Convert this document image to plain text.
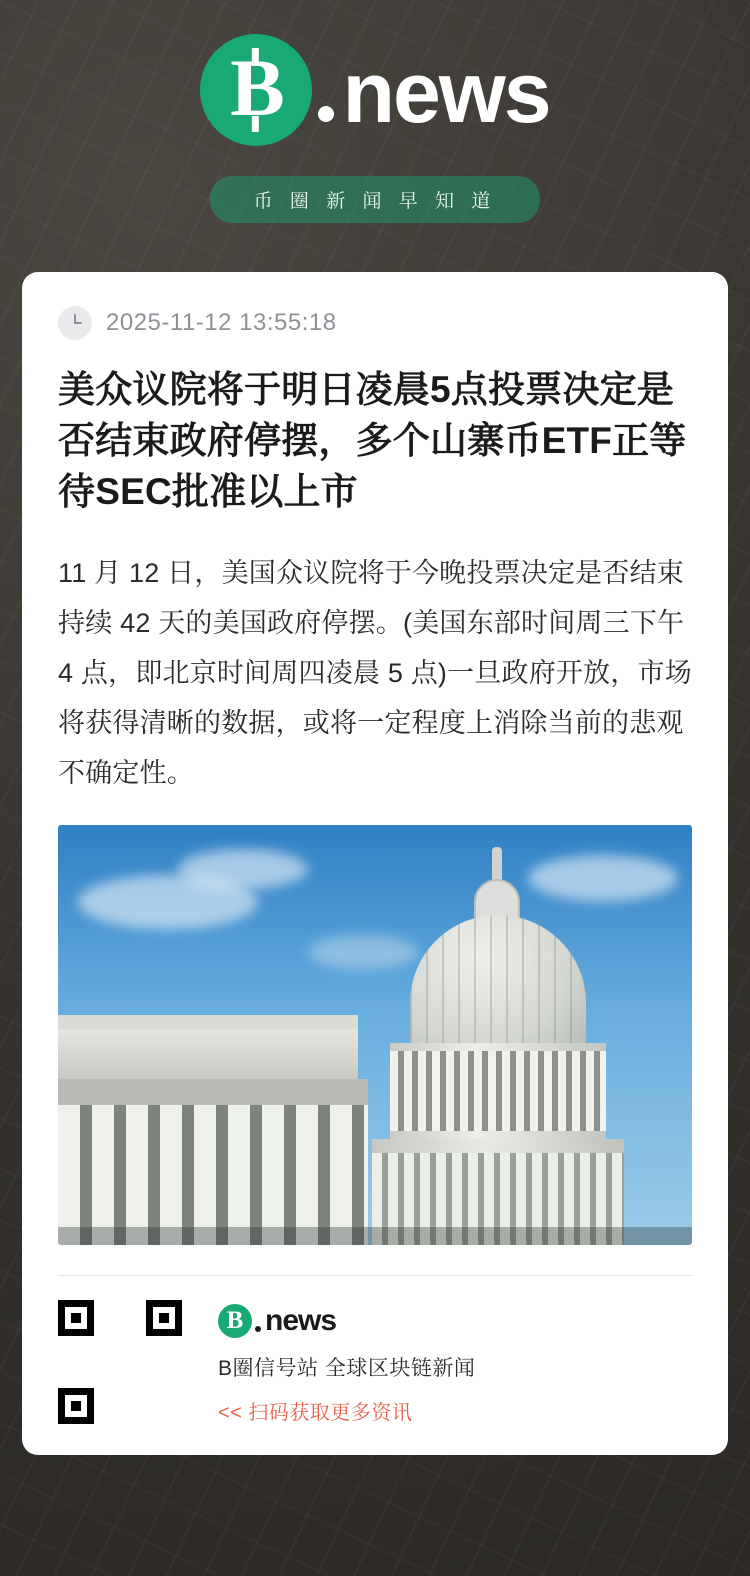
B news
币 圈 新 闻 早 知 道
2025-11-12 13:55:18
美众议院将于明日凌晨5点投票决定是否结束政府停摆，多个山寨币ETF正等待SEC批准以上市

11 月 12 日，美国众议院将于今晚投票决定是否结束持续 42 天的美国政府停摆。(美国东部时间周三下午 4 点，即北京时间周四凌晨 5 点)一旦政府开放，市场将获得清晰的数据，或将一定程度上消除当前的悲观不确定性。

B news
B圈信号站 全球区块链新闻
<< 扫码获取更多资讯
